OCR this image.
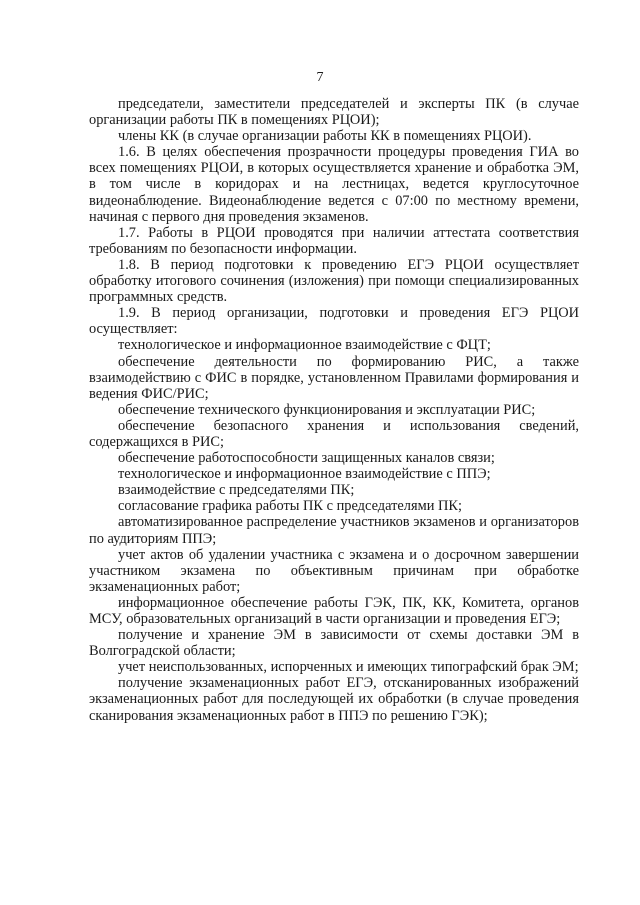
7

председатели, заместители председателей и эксперты ПК (в случае организации работы ПК в помещениях РЦОИ);

члены КК (в случае организации работы КК в помещениях РЦОИ).

1.6. В целях обеспечения прозрачности процедуры проведения ГИА во всех помещениях РЦОИ, в которых осуществляется хранение и обработка ЭМ, в том числе в коридорах и на лестницах, ведется круглосуточное видеонаблюдение. Видеонаблюдение ведется с 07:00 по местному времени, начиная с первого дня проведения экзаменов.

1.7. Работы в РЦОИ проводятся при наличии аттестата соответствия требованиям по безопасности информации.

1.8. В период подготовки к проведению ЕГЭ РЦОИ осуществляет обработку итогового сочинения (изложения) при помощи специализированных программных средств.

1.9. В период организации, подготовки и проведения ЕГЭ РЦОИ осуществляет:

технологическое и информационное взаимодействие с ФЦТ;

обеспечение деятельности по формированию РИС, а также взаимодействию с ФИС в порядке, установленном Правилами формирования и ведения ФИС/РИС;

обеспечение технического функционирования и эксплуатации РИС;

обеспечение безопасного хранения и использования сведений, содержащихся в РИС;

обеспечение работоспособности защищенных каналов связи;

технологическое и информационное взаимодействие с ППЭ;

взаимодействие с председателями ПК;

согласование графика работы ПК с председателями ПК;

автоматизированное распределение участников экзаменов и организаторов по аудиториям ППЭ;

учет актов об удалении участника с экзамена и о досрочном завершении участником экзамена по объективным причинам при обработке экзаменационных работ;

информационное обеспечение работы ГЭК, ПК, КК, Комитета, органов МСУ, образовательных организаций в части организации и проведения ЕГЭ;

получение и хранение ЭМ в зависимости от схемы доставки ЭМ в Волгоградской области;

учет неиспользованных, испорченных и имеющих типографский брак ЭМ;

получение экзаменационных работ ЕГЭ, отсканированных изображений экзаменационных работ для последующей их обработки (в случае проведения сканирования экзаменационных работ в ППЭ по решению ГЭК);
